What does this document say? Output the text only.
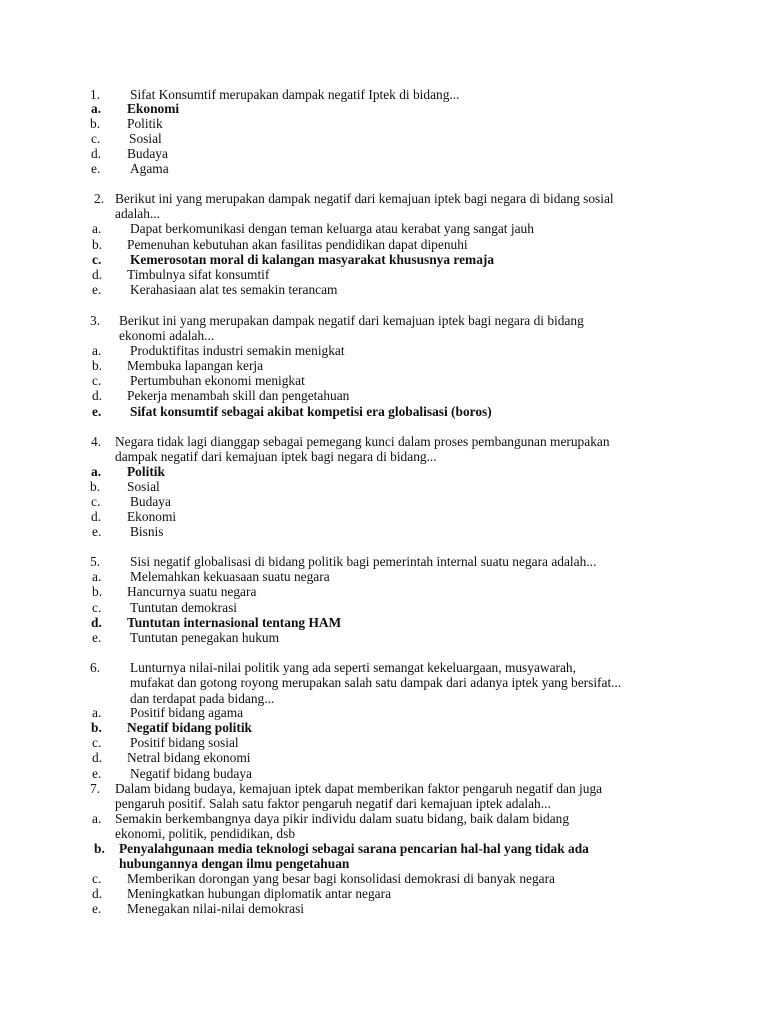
1. Sifat Konsumtif merupakan dampak negatif Iptek di bidang...
a. Ekonomi
b. Politik
c. Sosial
d. Budaya
e. Agama
2. Berikut ini yang merupakan dampak negatif dari kemajuan iptek bagi negara di bidang sosial
adalah...
a. Dapat berkomunikasi dengan teman keluarga atau kerabat yang sangat jauh
b. Pemenuhan kebutuhan akan fasilitas pendidikan dapat dipenuhi
c. Kemerosotan moral di kalangan masyarakat khususnya remaja
d. Timbulnya sifat konsumtif
e. Kerahasiaan alat tes semakin terancam
3. Berikut ini yang merupakan dampak negatif dari kemajuan iptek bagi negara di bidang
ekonomi adalah...
a. Produktifitas industri semakin menigkat
b. Membuka lapangan kerja
c. Pertumbuhan ekonomi menigkat
d. Pekerja menambah skill dan pengetahuan
e. Sifat konsumtif sebagai akibat kompetisi era globalisasi (boros)
4. Negara tidak lagi dianggap sebagai pemegang kunci dalam proses pembangunan merupakan
dampak negatif dari kemajuan iptek bagi negara di bidang...
a. Politik
b. Sosial
c. Budaya
d. Ekonomi
e. Bisnis
5. Sisi negatif globalisasi di bidang politik bagi pemerintah internal suatu negara adalah...
a. Melemahkan kekuasaan suatu negara
b. Hancurnya suatu negara
c. Tuntutan demokrasi
d. Tuntutan internasional tentang HAM
e. Tuntutan penegakan hukum
6. Lunturnya nilai-nilai politik yang ada seperti semangat kekeluargaan, musyawarah,
mufakat dan gotong royong merupakan salah satu dampak dari adanya iptek yang bersifat...
dan terdapat pada bidang...
a. Positif bidang agama
b. Negatif bidang politik
c. Positif bidang sosial
d. Netral bidang ekonomi
e. Negatif bidang budaya
7. Dalam bidang budaya, kemajuan iptek dapat memberikan faktor pengaruh negatif dan juga
pengaruh positif. Salah satu faktor pengaruh negatif dari kemajuan iptek adalah...
a. Semakin berkembangnya daya pikir individu dalam suatu bidang, baik dalam bidang
ekonomi, politik, pendidikan, dsb
b. Penyalahgunaan media teknologi sebagai sarana pencarian hal-hal yang tidak ada
hubungannya dengan ilmu pengetahuan
c. Memberikan dorongan yang besar bagi konsolidasi demokrasi di banyak negara
d. Meningkatkan hubungan diplomatik antar negara
e. Menegakan nilai-nilai demokrasi
